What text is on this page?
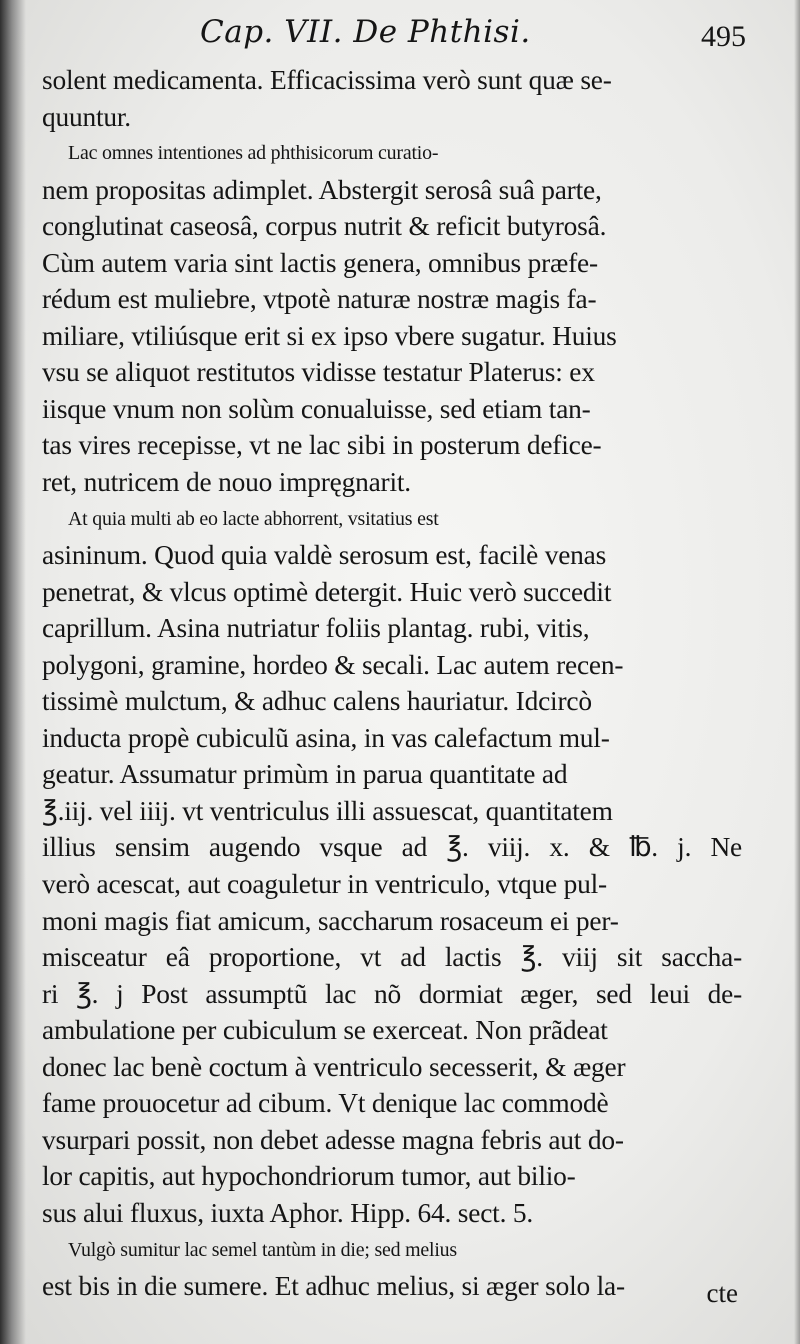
Cap. VII. De Phthisi.	495
solent medicamenta. Efficacissima verò sunt quæ se-
quuntur.
Lac omnes intentiones ad phthisicorum curatio-
nem propositas adimplet. Abstergit serosâ suâ parte,
conglutinat caseosâ, corpus nutrit & reficit butyrosâ.
Cùm autem varia sint lactis genera, omnibus præfe-
rédum est muliebre, vtpotè naturæ nostræ magis fa-
miliare, vtiliúsque erit si ex ipso vbere sugatur. Huius
vsu se aliquot restitutos vidisse testatur Platerus: ex
iisque vnum non solùm conualuisse, sed etiam tan-
tas vires recepisse, vt ne lac sibi in posterum defice-
ret, nutricem de nouo impręgnarit.
At quia multi ab eo lacte abhorrent, vsitatius est
asininum. Quod quia valdè serosum est, facilè venas
penetrat, & vlcus optimè detergit. Huic verò succedit
caprillum. Asina nutriatur foliis plantag. rubi, vitis,
polygoni, gramine, hordeo & secali. Lac autem recen-
tissimè mulctum, & adhuc calens hauriatur. Idcircò
inducta propè cubiculũ asina, in vas calefactum mul-
geatur. Assumatur primùm in parua quantitate ad
℥.iij. vel iiij. vt ventriculus illi assuescat, quantitatem
illius sensim augendo vsque ad ℥. viij. x. & ℔. j. Ne
verò acescat, aut coaguletur in ventriculo, vtque pul-
moni magis fiat amicum, saccharum rosaceum ei per-
misceatur eâ proportione, vt ad lactis ℥. viij sit saccha-
ri ℥. j Post assumptũ lac nõ dormiat æger, sed leui de-
ambulatione per cubiculum se exerceat. Non prãdeat
donec lac benè coctum à ventriculo secesserit, & æger
fame prouocetur ad cibum. Vt denique lac commodè
vsurpari possit, non debet adesse magna febris aut do-
lor capitis, aut hypochondriorum tumor, aut bilio-
sus alui fluxus, iuxta Aphor. Hipp. 64. sect. 5.
Vulgò sumitur lac semel tantùm in die; sed melius
est bis in die sumere. Et adhuc melius, si æger solo la-	cte
